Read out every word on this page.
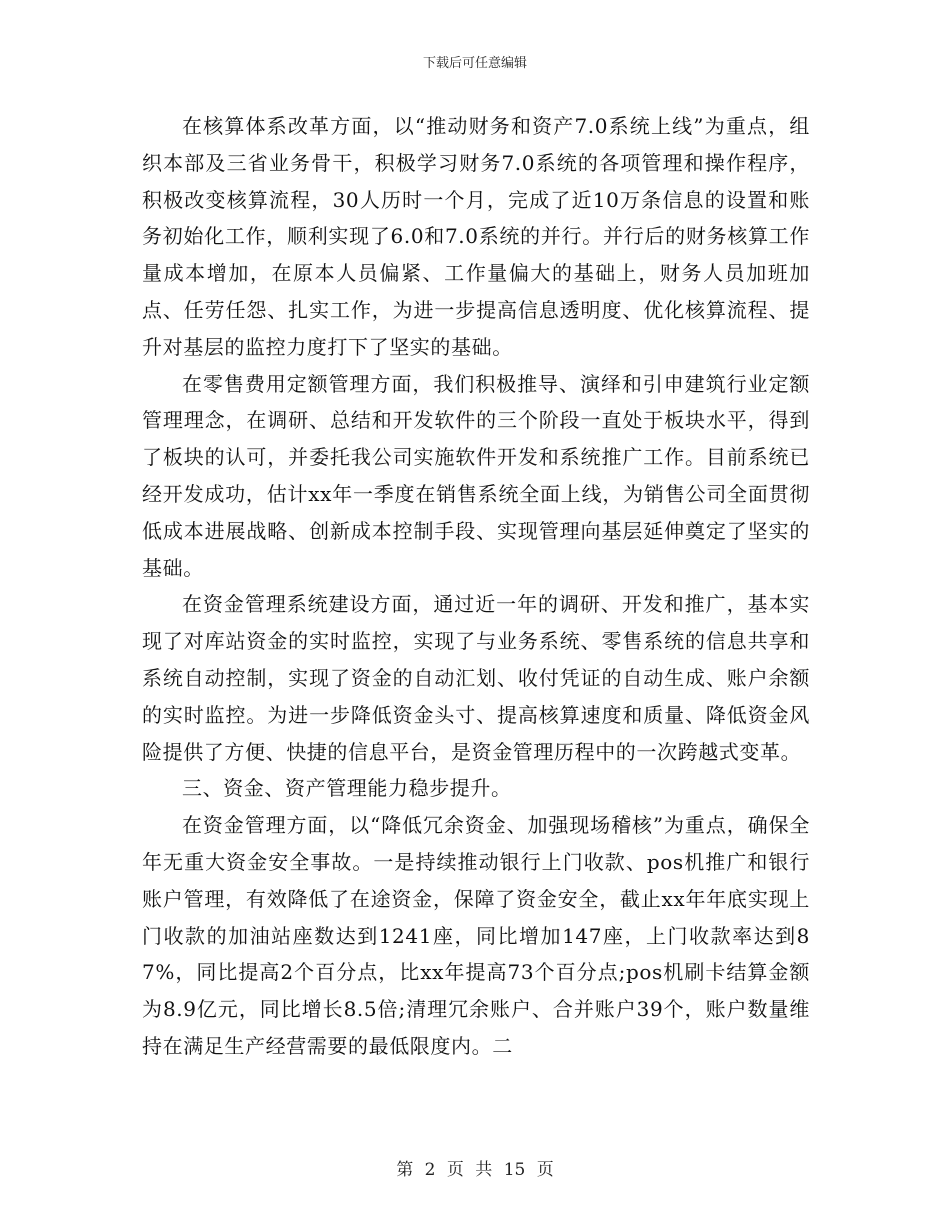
下载后可任意编辑

在核算体系改革方面，以“推动财务和资产7.0系统上线”为重点，组织本部及三省业务骨干，积极学习财务7.0系统的各项管理和操作程序，积极改变核算流程，30人历时一个月，完成了近10万条信息的设置和账务初始化工作，顺利实现了6.0和7.0系统的并行。并行后的财务核算工作量成本增加，在原本人员偏紧、工作量偏大的基础上，财务人员加班加点、任劳任怨、扎实工作，为进一步提高信息透明度、优化核算流程、提升对基层的监控力度打下了坚实的基础。

在零售费用定额管理方面，我们积极推导、演绎和引申建筑行业定额管理理念，在调研、总结和开发软件的三个阶段一直处于板块水平，得到了板块的认可，并委托我公司实施软件开发和系统推广工作。目前系统已经开发成功，估计xx年一季度在销售系统全面上线，为销售公司全面贯彻低成本进展战略、创新成本控制手段、实现管理向基层延伸奠定了坚实的基础。

在资金管理系统建设方面，通过近一年的调研、开发和推广，基本实现了对库站资金的实时监控，实现了与业务系统、零售系统的信息共享和系统自动控制，实现了资金的自动汇划、收付凭证的自动生成、账户余额的实时监控。为进一步降低资金头寸、提高核算速度和质量、降低资金风险提供了方便、快捷的信息平台，是资金管理历程中的一次跨越式变革。

三、资金、资产管理能力稳步提升。

在资金管理方面，以“降低冗余资金、加强现场稽核”为重点，确保全年无重大资金安全事故。一是持续推动银行上门收款、pos机推广和银行账户管理，有效降低了在途资金，保障了资金安全，截止xx年年底实现上门收款的加油站座数达到1241座，同比增加147座，上门收款率达到87%，同比提高2个百分点，比xx年提高73个百分点;pos机刷卡结算金额为8.9亿元，同比增长8.5倍;清理冗余账户、合并账户39个，账户数量维持在满足生产经营需要的最低限度内。二

第 2 页 共 15 页
